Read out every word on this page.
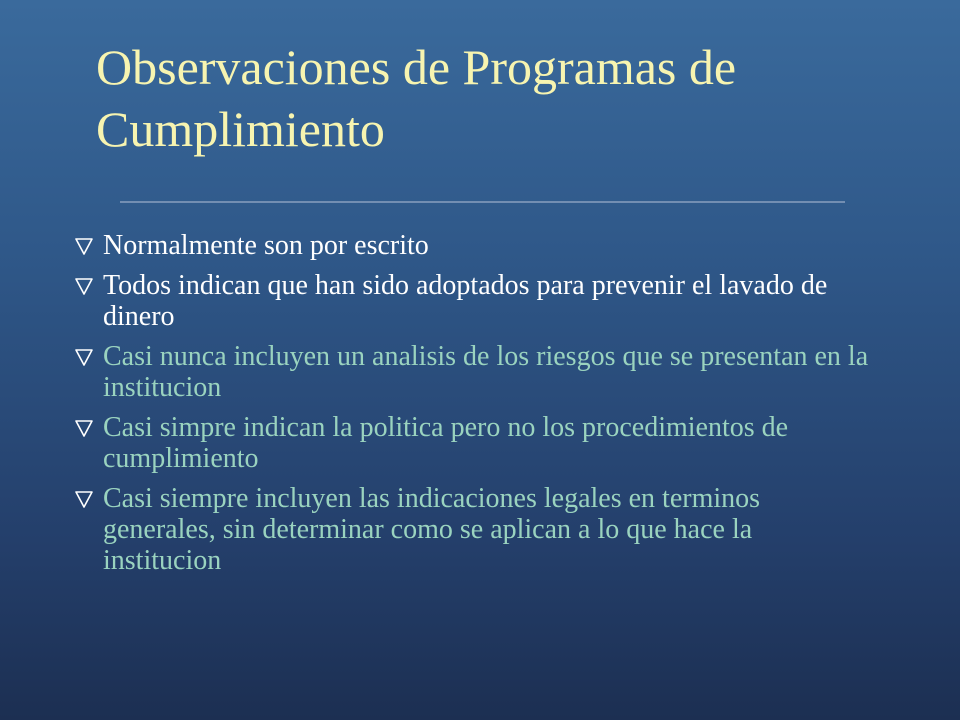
Observaciones de Programas de Cumplimiento
Normalmente son por escrito
Todos indican que han sido adoptados para prevenir el lavado de dinero
Casi nunca incluyen un analisis de los riesgos que se presentan en la institucion
Casi simpre indican la politica pero no los procedimientos de cumplimiento
Casi siempre incluyen las indicaciones legales en terminos generales, sin determinar como se aplican a lo que hace la institucion
